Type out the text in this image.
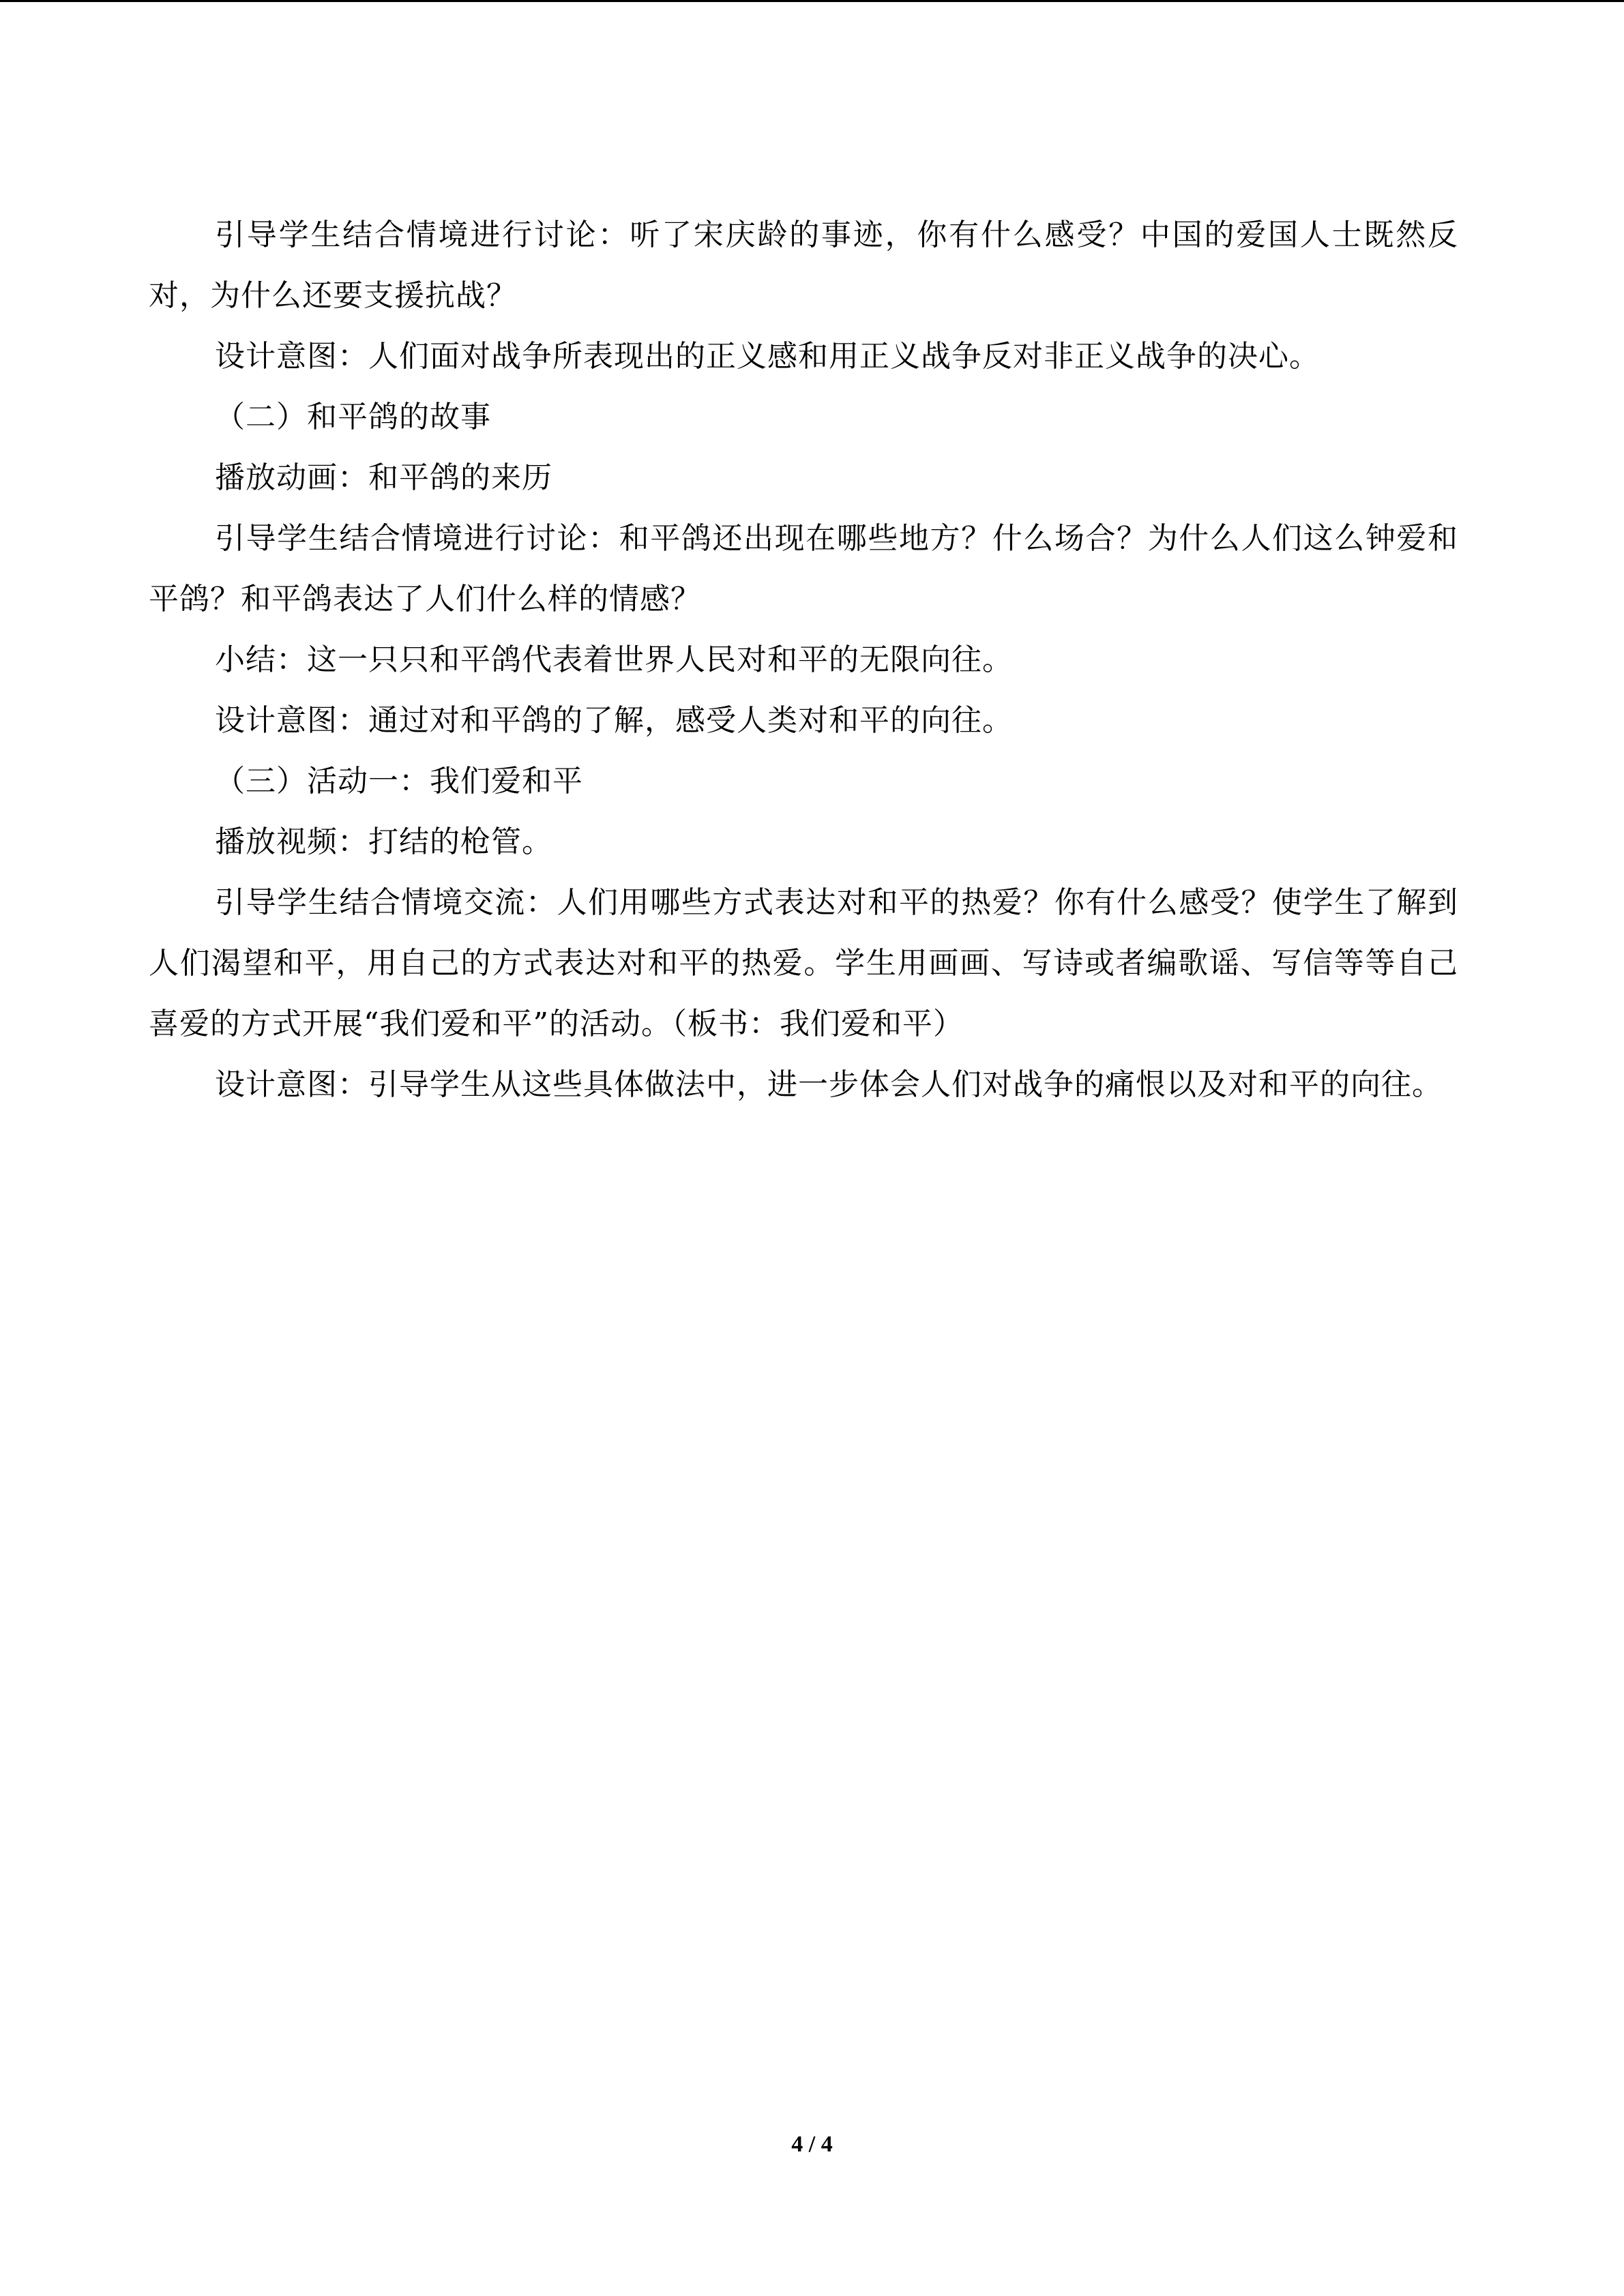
引导学生结合情境进行讨论：听了宋庆龄的事迹，你有什么感受？中国的爱国人士既然反对，为什么还要支援抗战？

设计意图：人们面对战争所表现出的正义感和用正义战争反对非正义战争的决心。

（二）和平鸽的故事

播放动画：和平鸽的来历

引导学生结合情境进行讨论：和平鸽还出现在哪些地方？什么场合？为什么人们这么钟爱和平鸽？和平鸽表达了人们什么样的情感？

小结：这一只只和平鸽代表着世界人民对和平的无限向往。

设计意图：通过对和平鸽的了解，感受人类对和平的向往。

（三）活动一：我们爱和平

播放视频：打结的枪管。

引导学生结合情境交流：人们用哪些方式表达对和平的热爱？你有什么感受？使学生了解到人们渴望和平，用自己的方式表达对和平的热爱。学生用画画、写诗或者编歌谣、写信等等自己喜爱的方式开展“我们爱和平”的活动。（板书：我们爱和平）

设计意图：引导学生从这些具体做法中，进一步体会人们对战争的痛恨以及对和平的向往。

4 / 4
